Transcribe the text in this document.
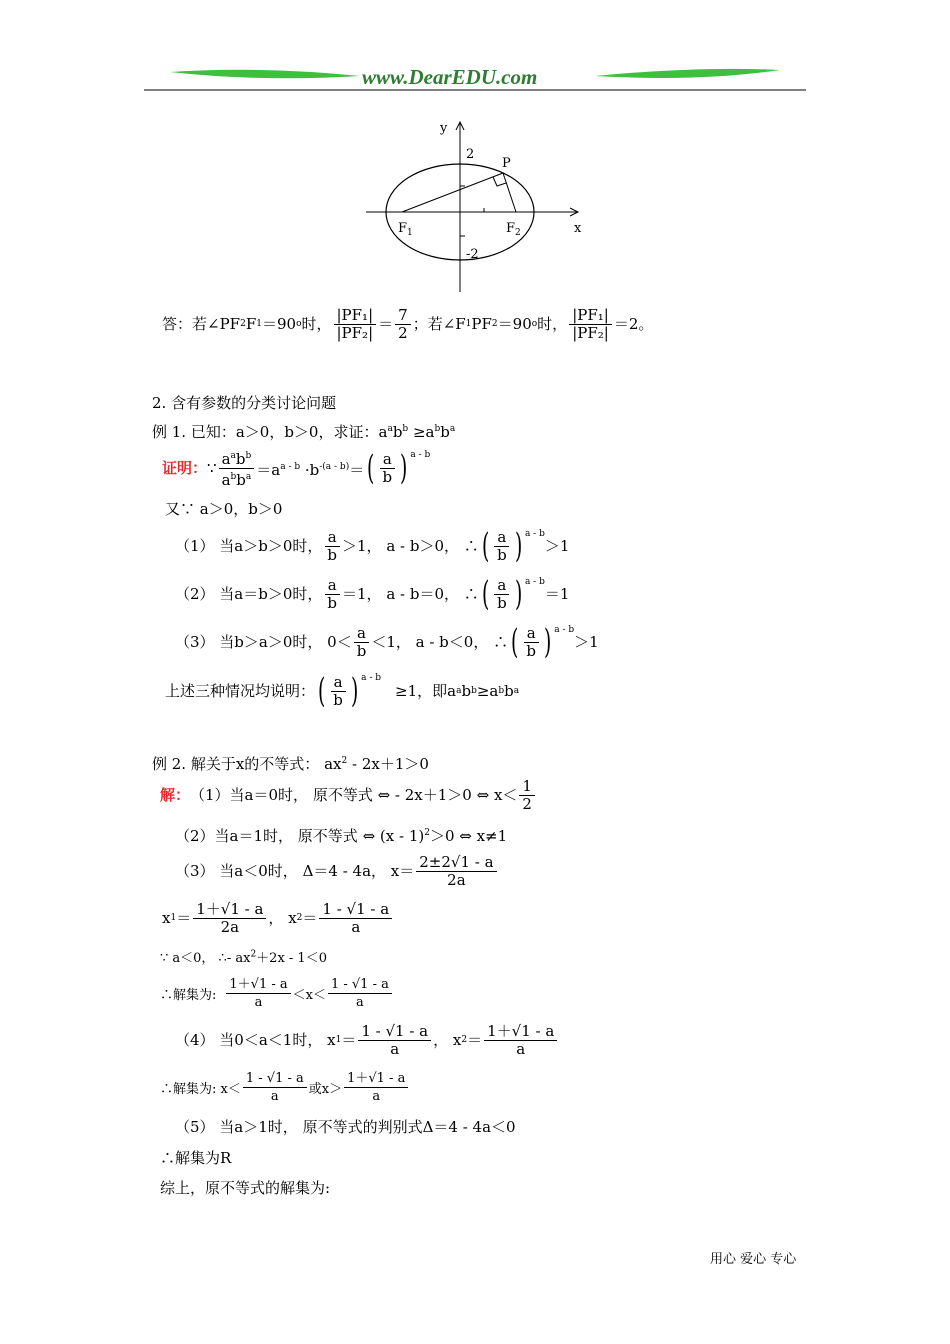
www.DearEDU.com
y
x
P
2
-2
$F_1$	$F_2$
答：若∠PF 2 F 1 ＝90 o 时， $\frac{\text{|PF₁|}}{\text{|PF₂|}} = \frac{7}{2}$ ；若∠F 1 PF 2 ＝90 o 时， $\frac{\text{|PF₁|}}{\text{|PF₂|}} =2$。
2. 含有参数的分类讨论问题
例 1. 已知：a＞0，b＞0，求证：$a^ab^b \ge a^bb^a$
证明： ∵ $\frac{a^ab^b}{a^bb^a} =a^{a - b} \cdot b^{-(a - b)}=$ ( $\frac{a}{b}$ ) $^{a - b}$
又∵ a＞0，b＞0
（1） 当a＞b＞0时， $\frac{a}{b} >1$， a - b＞0， ∴ ( $\frac{a}{b}$ ) $^{a - b}$
＞1
（2） 当a＝b＞0时， $\frac{a}{b} =1$， a - b＝0， ∴ ( $\frac{a}{b}$ ) $^{a - b}$
＝1
（3） 当b＞a＞0时， $0< \frac{a}{b} <1$， a - b＜0， ∴ ( $\frac{a}{b}$ ) $^{a - b}$
＞1
上述三种情况均说明： ( $\frac{a}{b}$ ) $^{a - b}$
≥1，即a a b b ≥a b b a
例 2. 解关于x的不等式： $ax^2 - 2x+1>0$
解： （1）当a＝0时， 原不等式 ⇔ - 2x＋1＞0 ⇔ $x< \frac{1}{2}$
（2）当a＝1时， 原不等式 ⇔ (x - 1)$^2$＞0 ⇔ x≠1
（3） 当a＜0时， Δ＝4 - 4a， $x= \frac{2\pm 2√1 - a}{2a}$
x $1 = \frac{1+√1 - a}{2a}$ ， x $2 = \frac{1 - √1 - a}{a}$
∵ a＜0， ∴- $ax^2+2x - 1<0$
∴解集为: $\frac{1+√1 - a}{a} <x< \frac{1 - √1 - a}{a}$
（4） 当0＜a＜1时， x $1 = \frac{1 - √1 - a}{a}$ ， x $2 = \frac{1+√1 - a}{a}$
∴解集为: $x< \frac{1 - √1 - a}{a}$ 或$x> \frac{1+√1 - a}{a}$
（5） 当a＞1时， 原不等式的判别式Δ＝4 - 4a＜0
∴解集为R
综上，原不等式的解集为:
用心 爱心 专心
